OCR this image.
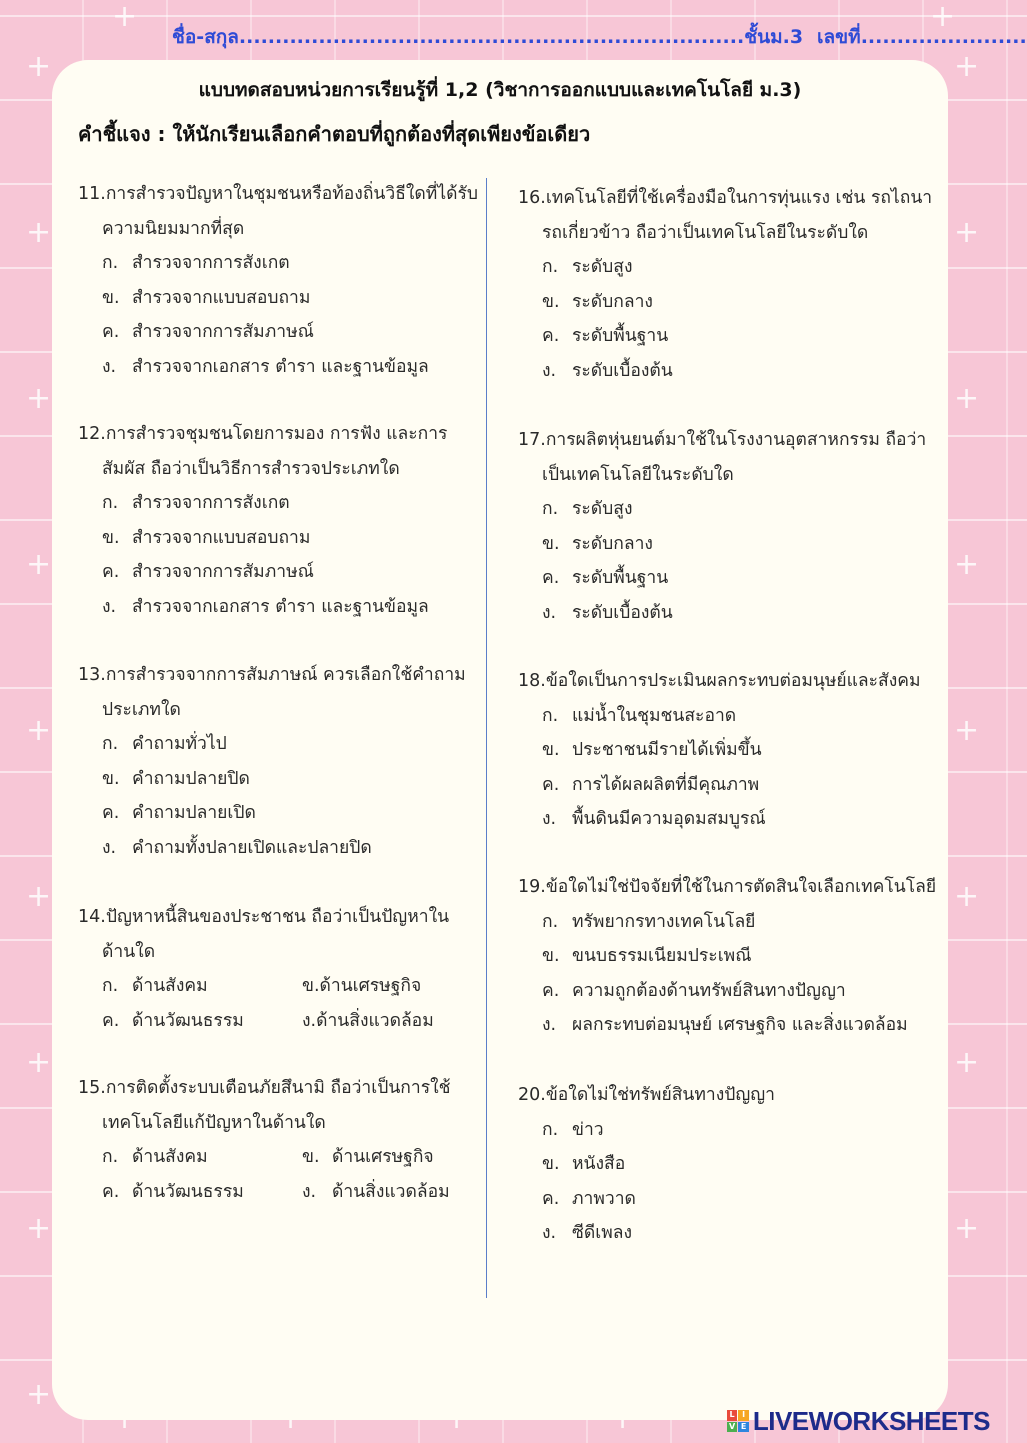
+
+
+
+
+
+
+
+
+
+
+
+
+
+
+
+
+
+	+
ชื่อ-สกุล......................................................................ชั้นม.3 เลขที่.......................
แบบทดสอบหน่วยการเรียนรู้ที่ 1,2 (วิชาการออกแบบและเทคโนโลยี ม.3)
คำชี้แจง : ให้นักเรียนเลือกคำตอบที่ถูกต้องที่สุดเพียงข้อเดียว
11.การสำรวจปัญหาในชุมชนหรือท้องถิ่นวิธีใดที่ได้รับความนิยมมากที่สุด
ก. สำรวจจากการสังเกต
ข. สำรวจจากแบบสอบถาม
ค. สำรวจจากการสัมภาษณ์
ง. สำรวจจากเอกสาร ตำรา และฐานข้อมูล
12.การสำรวจชุมชนโดยการมอง การฟัง และการสัมผัส ถือว่าเป็นวิธีการสำรวจประเภทใด
ก. สำรวจจากการสังเกต
ข. สำรวจจากแบบสอบถาม
ค. สำรวจจากการสัมภาษณ์
ง. สำรวจจากเอกสาร ตำรา และฐานข้อมูล
13.การสำรวจจากการสัมภาษณ์ ควรเลือกใช้คำถามประเภทใด
ก. คำถามทั่วไป
ข. คำถามปลายปิด
ค. คำถามปลายเปิด
ง. คำถามทั้งปลายเปิดและปลายปิด
14.ปัญหาหนี้สินของประชาชน ถือว่าเป็นปัญหาในด้านใด
ก. ด้านสังคม	ข.ด้านเศรษฐกิจ
ค. ด้านวัฒนธรรม	ง.ด้านสิ่งแวดล้อม
15.การติดตั้งระบบเตือนภัยสึนามิ ถือว่าเป็นการใช้เทคโนโลยีแก้ปัญหาในด้านใด
ก. ด้านสังคม	ข. ด้านเศรษฐกิจ
ค. ด้านวัฒนธรรม	ง. ด้านสิ่งแวดล้อม
16.เทคโนโลยีที่ใช้เครื่องมือในการทุ่นแรง เช่น รถไถนา รถเกี่ยวข้าว ถือว่าเป็นเทคโนโลยีในระดับใด
ก. ระดับสูง
ข. ระดับกลาง
ค. ระดับพื้นฐาน
ง. ระดับเบื้องต้น
17.การผลิตหุ่นยนต์มาใช้ในโรงงานอุตสาหกรรม ถือว่าเป็นเทคโนโลยีในระดับใด
ก. ระดับสูง
ข. ระดับกลาง
ค. ระดับพื้นฐาน
ง. ระดับเบื้องต้น
18.ข้อใดเป็นการประเมินผลกระทบต่อมนุษย์และสังคม
ก. แม่น้ำในชุมชนสะอาด
ข. ประชาชนมีรายได้เพิ่มขึ้น
ค. การได้ผลผลิตที่มีคุณภาพ
ง. พื้นดินมีความอุดมสมบูรณ์
19.ข้อใดไม่ใช่ปัจจัยที่ใช้ในการตัดสินใจเลือกเทคโนโลยี
ก. ทรัพยากรทางเทคโนโลยี
ข. ขนบธรรมเนียมประเพณี
ค. ความถูกต้องด้านทรัพย์สินทางปัญญา
ง. ผลกระทบต่อมนุษย์ เศรษฐกิจ และสิ่งแวดล้อม
20.ข้อใดไม่ใช่ทรัพย์สินทางปัญญา
ก. ข่าว
ข. หนังสือ
ค. ภาพวาด
ง. ซีดีเพลง
L I
V E LIVEWORKSHEETS
